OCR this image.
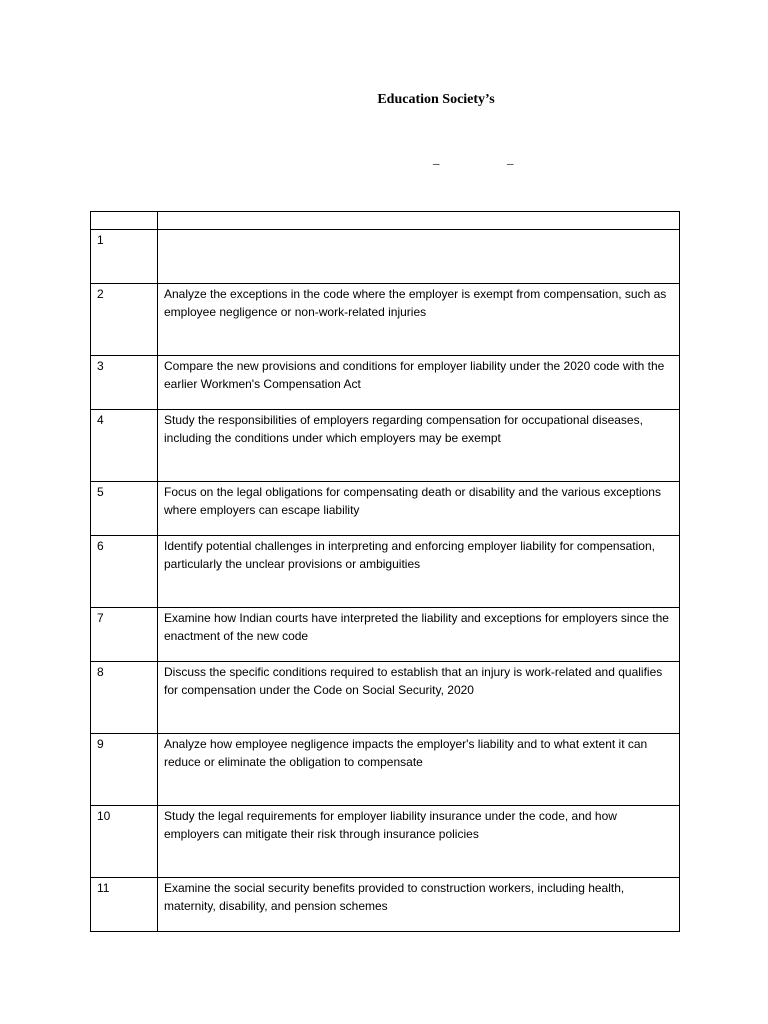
Education Society’s
_	_

1	
2	Analyze the exceptions in the code where the employer is exempt from compensation, such as employee negligence or non-work-related injuries
3	Compare the new provisions and conditions for employer liability under the 2020 code with the earlier Workmen's Compensation Act
4	Study the responsibilities of employers regarding compensation for occupational diseases, including the conditions under which employers may be exempt
5	Focus on the legal obligations for compensating death or disability and the various exceptions where employers can escape liability
6	Identify potential challenges in interpreting and enforcing employer liability for compensation, particularly the unclear provisions or ambiguities
7	Examine how Indian courts have interpreted the liability and exceptions for employers since the enactment of the new code
8	Discuss the specific conditions required to establish that an injury is work-related and qualifies for compensation under the Code on Social Security, 2020
9	Analyze how employee negligence impacts the employer's liability and to what extent it can reduce or eliminate the obligation to compensate
10	Study the legal requirements for employer liability insurance under the code, and how employers can mitigate their risk through insurance policies
11	Examine the social security benefits provided to construction workers, including health, maternity, disability, and pension schemes
